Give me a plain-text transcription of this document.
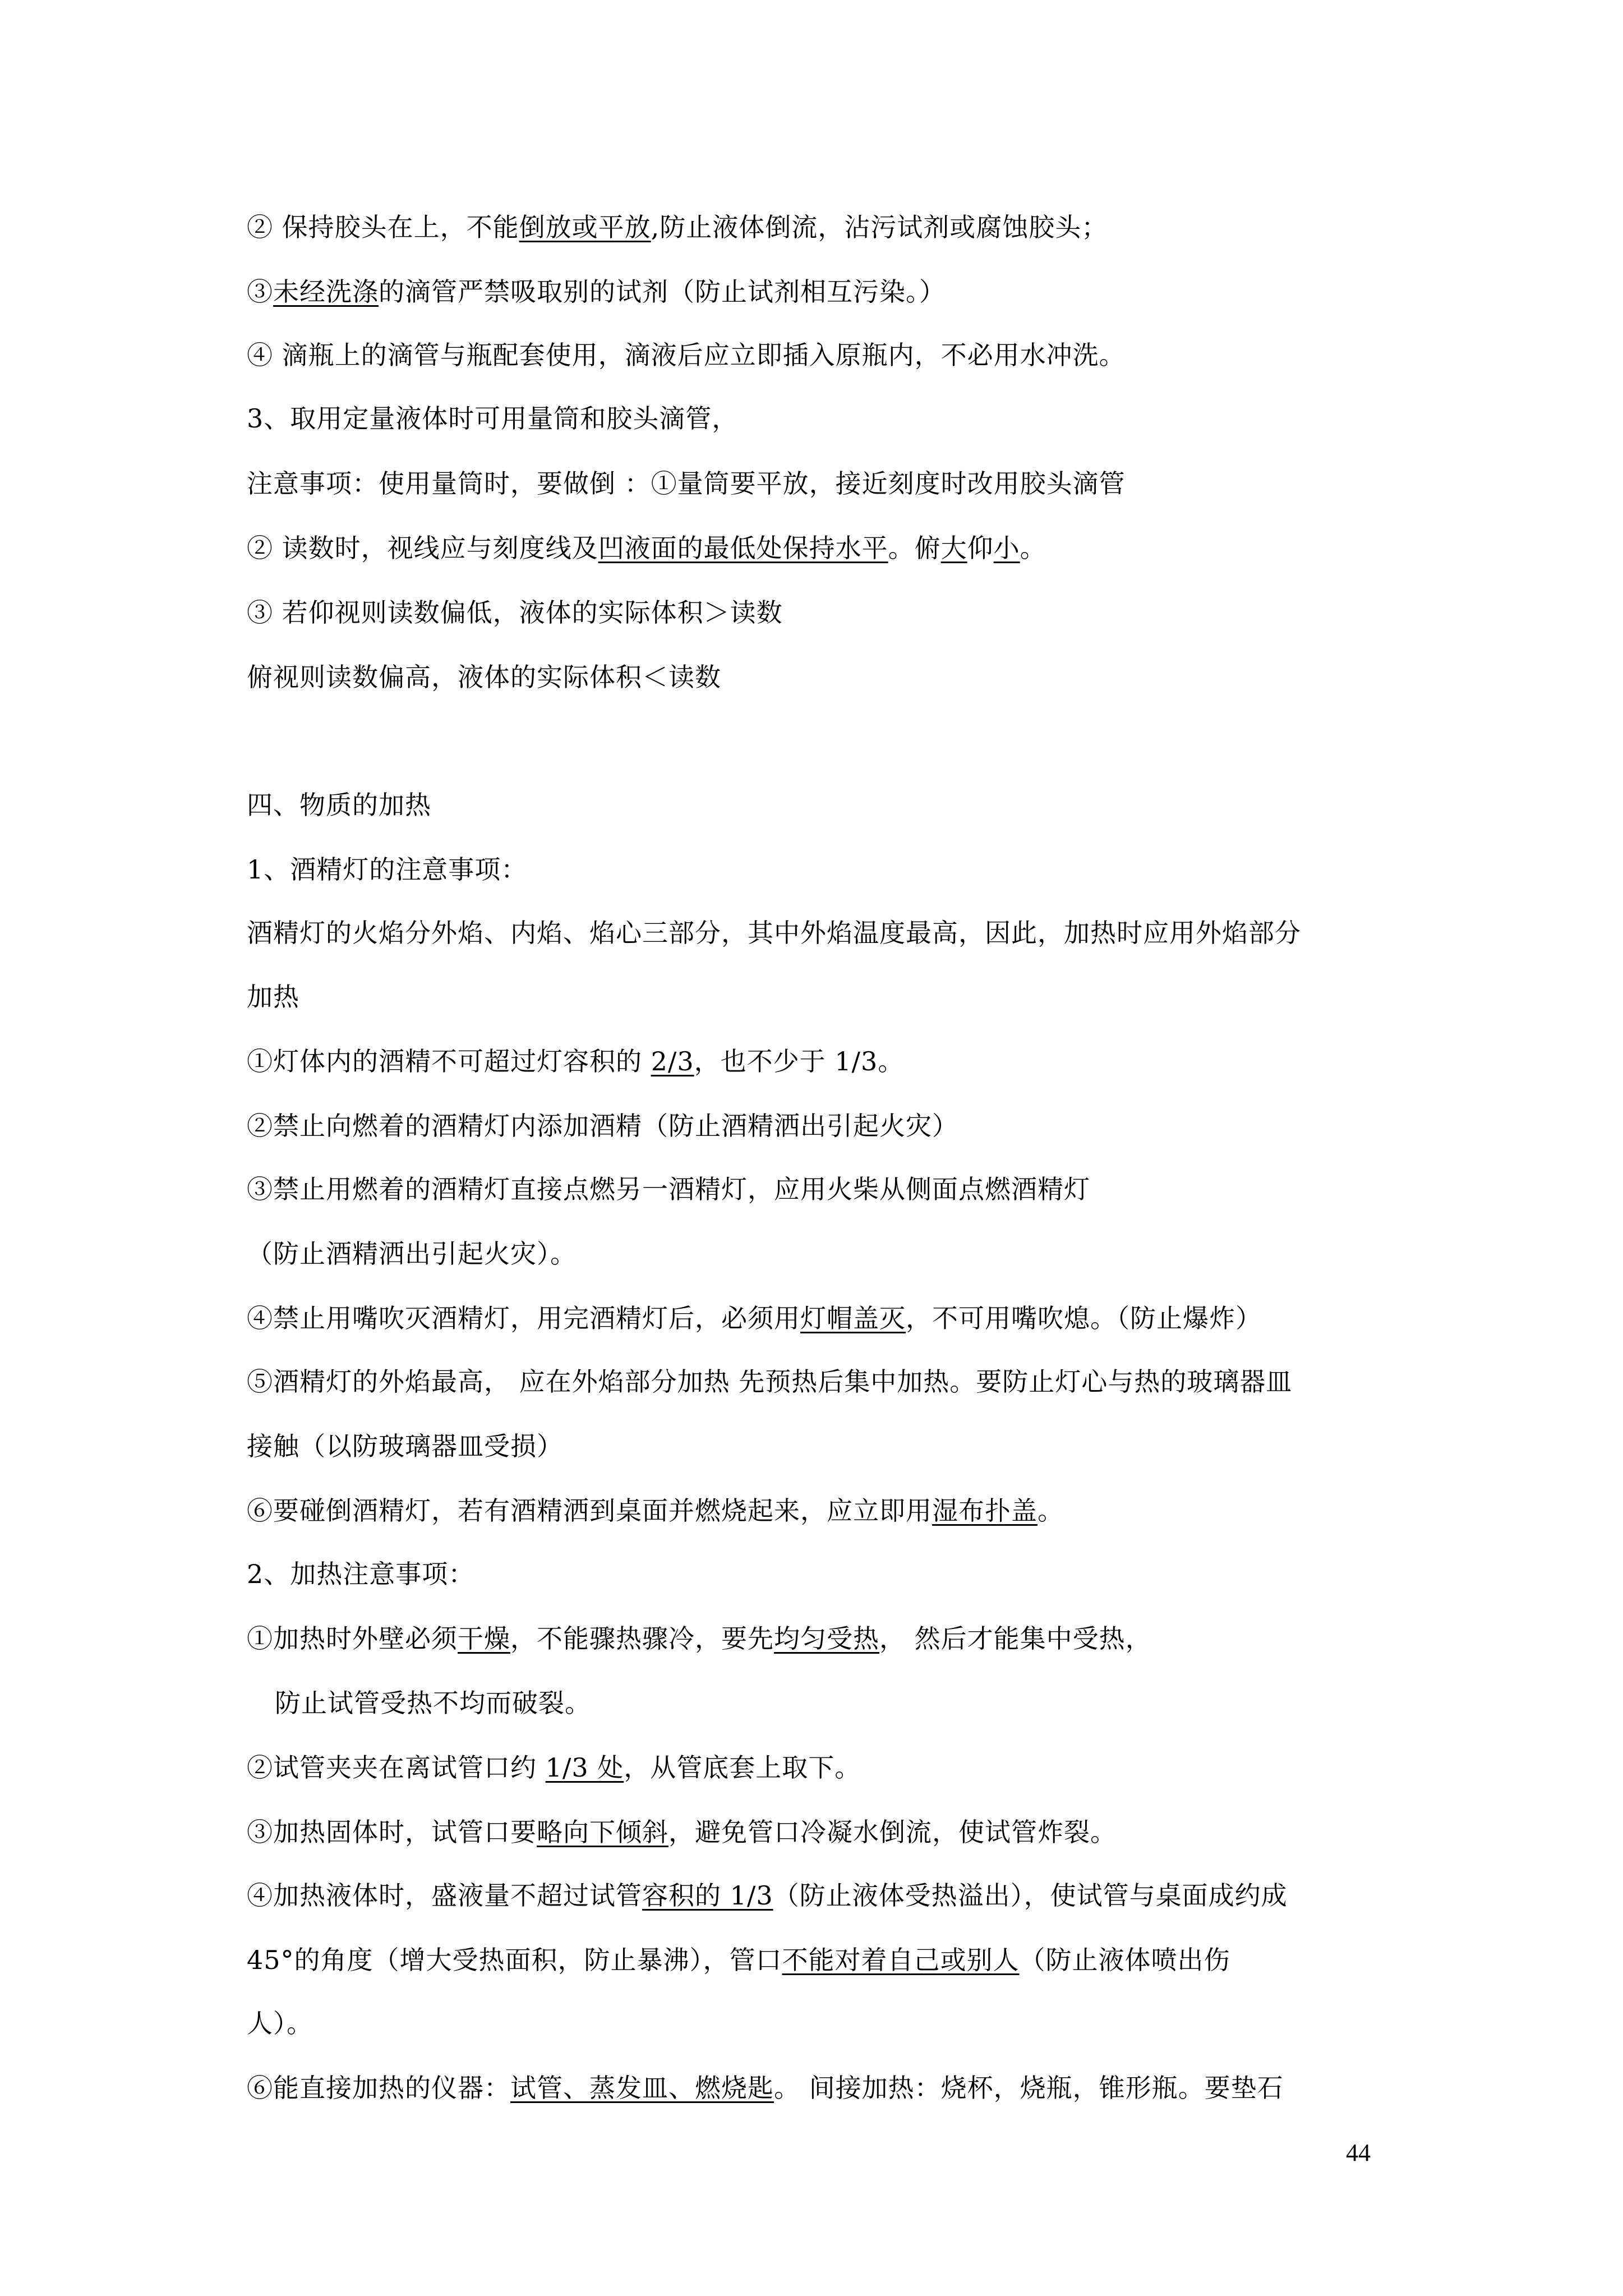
② 保持胶头在上，不能倒放或平放,防止液体倒流，沾污试剂或腐蚀胶头；
③未经洗涤的滴管严禁吸取别的试剂（防止试剂相互污染。）
④ 滴瓶上的滴管与瓶配套使用，滴液后应立即插入原瓶内，不必用水冲洗。
3、取用定量液体时可用量筒和胶头滴管，
注意事项：使用量筒时，要做倒 ：①量筒要平放，接近刻度时改用胶头滴管
② 读数时，视线应与刻度线及凹液面的最低处保持水平。俯大仰小。
③ 若仰视则读数偏低，液体的实际体积＞读数
俯视则读数偏高，液体的实际体积＜读数
四、物质的加热
1、酒精灯的注意事项：
酒精灯的火焰分外焰、内焰、焰心三部分，其中外焰温度最高，因此，加热时应用外焰部分
加热
①灯体内的酒精不可超过灯容积的 2/3，也不少于 1/3。
②禁止向燃着的酒精灯内添加酒精（防止酒精洒出引起火灾）
③禁止用燃着的酒精灯直接点燃另一酒精灯，应用火柴从侧面点燃酒精灯
（防止酒精洒出引起火灾）。
④禁止用嘴吹灭酒精灯，用完酒精灯后，必须用灯帽盖灭，不可用嘴吹熄。（防止爆炸）
⑤酒精灯的外焰最高， 应在外焰部分加热 先预热后集中加热。要防止灯心与热的玻璃器皿
接触（以防玻璃器皿受损）
⑥要碰倒酒精灯，若有酒精洒到桌面并燃烧起来，应立即用湿布扑盖。
2、加热注意事项：
①加热时外壁必须干燥，不能骤热骤冷，要先均匀受热， 然后才能集中受热，
防止试管受热不均而破裂。
②试管夹夹在离试管口约 1/3 处，从管底套上取下。
③加热固体时，试管口要略向下倾斜，避免管口冷凝水倒流，使试管炸裂。
④加热液体时，盛液量不超过试管容积的 1/3（防止液体受热溢出），使试管与桌面成约成
45°的角度（增大受热面积，防止暴沸），管口不能对着自己或别人（防止液体喷出伤
人）。
⑥能直接加热的仪器：试管、蒸发皿、燃烧匙。 间接加热：烧杯，烧瓶，锥形瓶。要垫石
44
